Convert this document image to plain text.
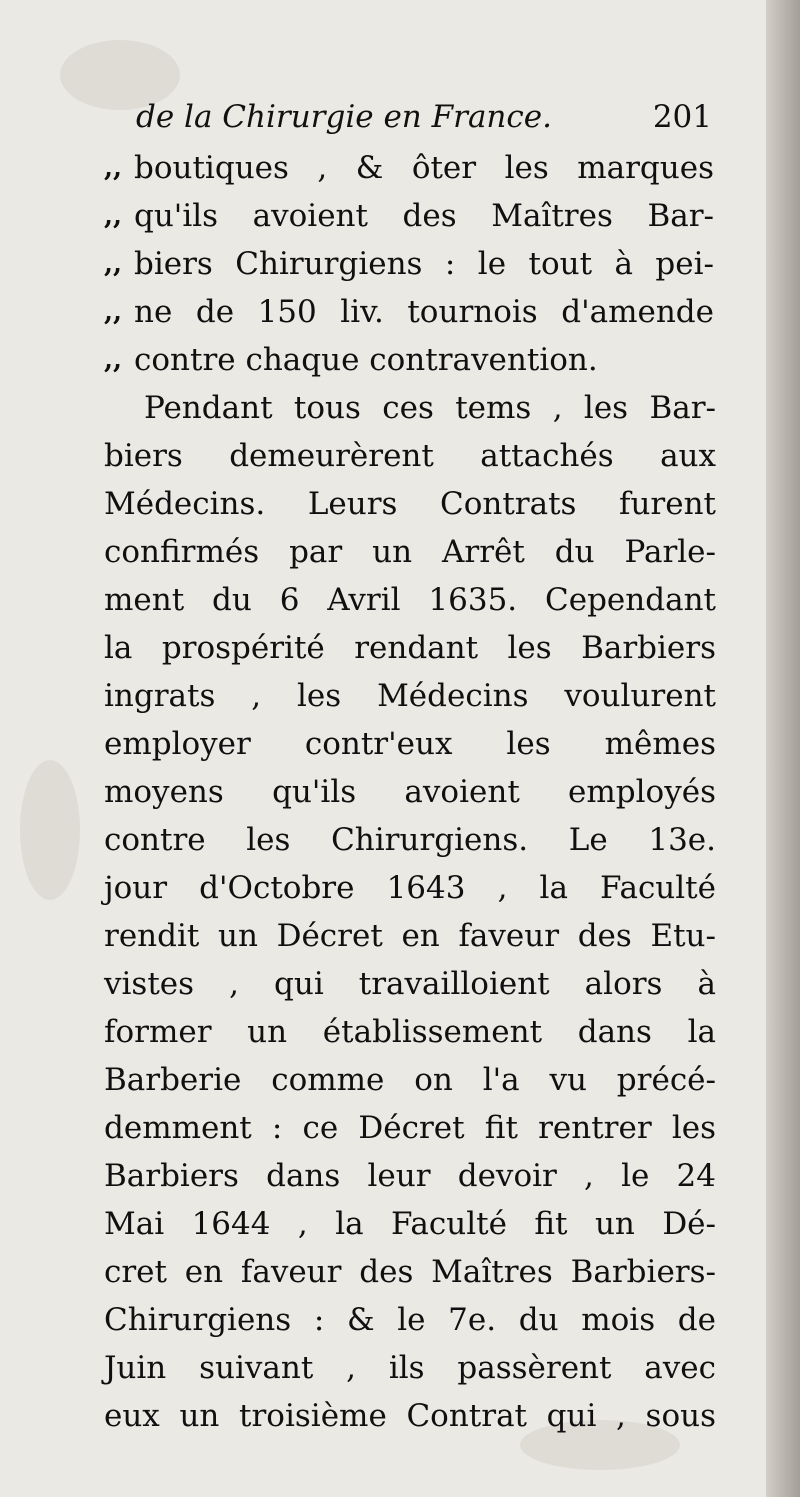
de la Chirurgie en France.	201
,, boutiques , & ôter les marques
,, qu'ils avoient des Maîtres Bar-
,, biers Chirurgiens : le tout à pei-
,, ne de 150 liv. tournois d'amende
,, contre chaque contravention.
Pendant tous ces tems , les Bar-
biers demeurèrent attachés aux
Médecins. Leurs Contrats furent
confirmés par un Arrêt du Parle-
ment du 6 Avril 1635. Cependant
la prospérité rendant les Barbiers
ingrats , les Médecins voulurent
employer contr'eux les mêmes
moyens qu'ils avoient employés
contre les Chirurgiens. Le 13e.
jour d'Octobre 1643 , la Faculté
rendit un Décret en faveur des Etu-
vistes , qui travailloient alors à
former un établissement dans la
Barberie comme on l'a vu précé-
demment : ce Décret fit rentrer les
Barbiers dans leur devoir , le 24
Mai 1644 , la Faculté fit un Dé-
cret en faveur des Maîtres Barbiers-
Chirurgiens : & le 7e. du mois de
Juin suivant , ils passèrent avec
eux un troisième Contrat qui , sous
